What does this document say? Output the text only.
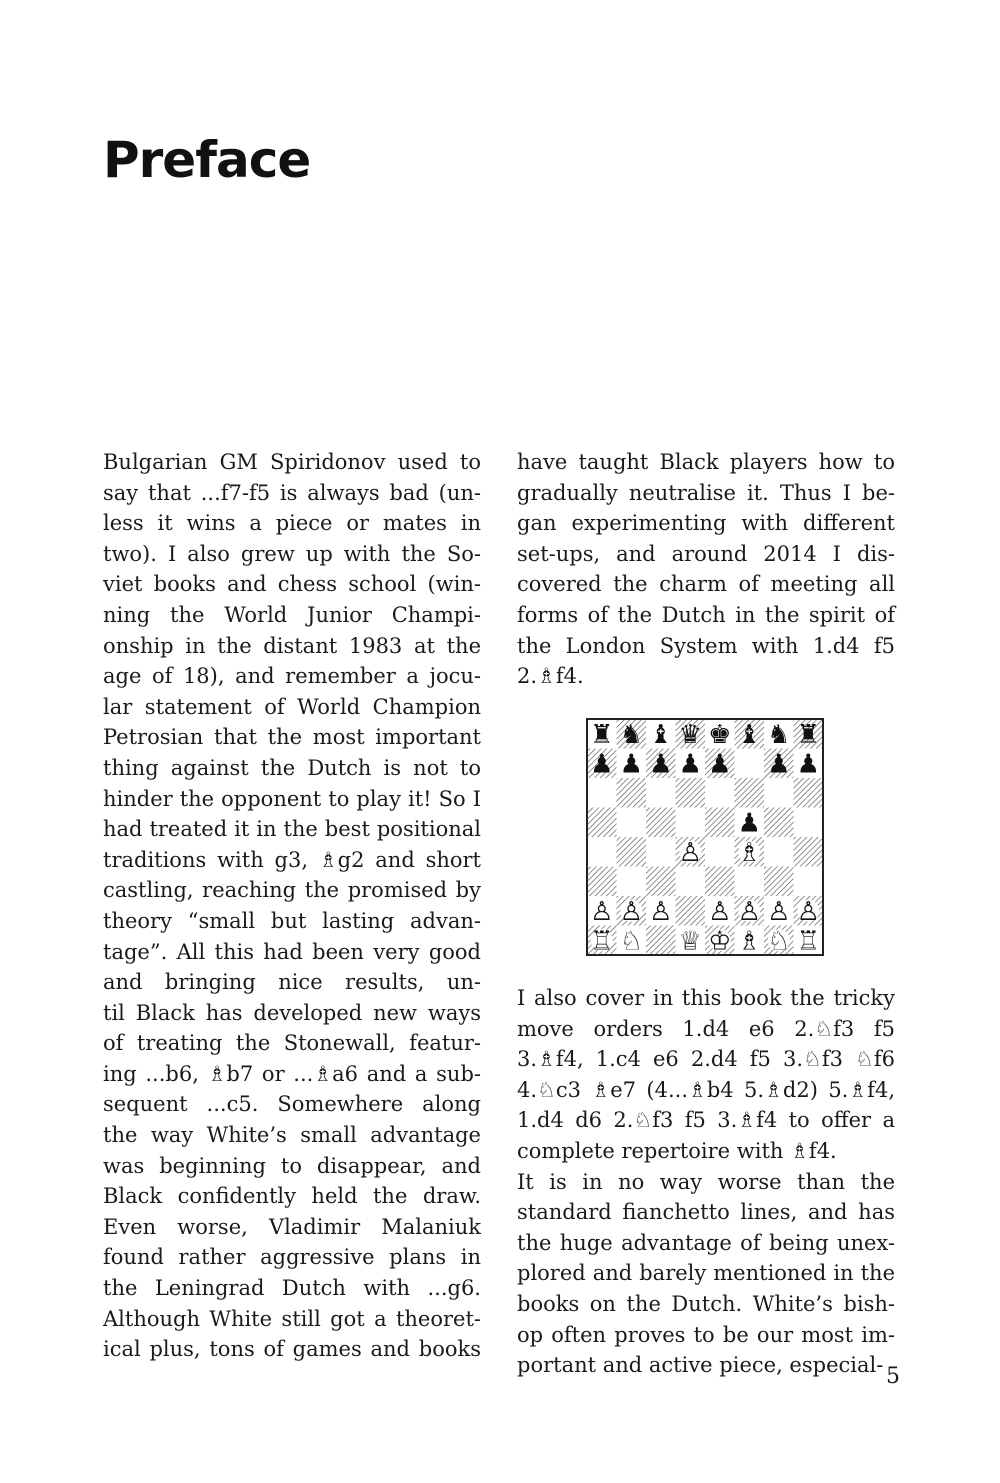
Preface
Bulgarian GM Spiridonov used to
say that ...f7-f5 is always bad (un-
less it wins a piece or mates in
two). I also grew up with the So-
viet books and chess school (win-
ning the World Junior Champi-
onship in the distant 1983 at the
age of 18), and remember a jocu-
lar statement of World Champion
Petrosian that the most important
thing against the Dutch is not to
hinder the opponent to play it! So I
had treated it in the best positional
traditions with g3, ♗g2 and short
castling, reaching the promised by
theory “small but lasting advan-
tage”. All this had been very good
and bringing nice results, un-
til Black has developed new ways
of treating the Stonewall, featur-
ing ...b6, ♗b7 or ...♗a6 and a sub-
sequent ...c5. Somewhere along
the way White’s small advantage
was beginning to disappear, and
Black confidently held the draw.
Even worse, Vladimir Malaniuk
found rather aggressive plans in
the Leningrad Dutch with ...g6.
Although White still got a theoret-
ical plus, tons of games and books
have taught Black players how to
gradually neutralise it. Thus I be-
gan experimenting with different
set-ups, and around 2014 I dis-
covered the charm of meeting all
forms of the Dutch in the spirit of
the London System with 1.d4 f5
2.♗f4.
♜ ♞ ♝ ♛ ♚ ♝ ♞ ♜
♟ ♟ ♟ ♟ ♟ ♟ ♟
♟
♙ ♗
♙ ♙ ♙ ♙ ♙ ♙ ♙
♖ ♘ ♕ ♔ ♗ ♘ ♖
I also cover in this book the tricky
move orders 1.d4 e6 2.♘f3 f5
3.♗f4, 1.c4 e6 2.d4 f5 3.♘f3 ♘f6
4.♘c3 ♗e7 (4...♗b4 5.♗d2) 5.♗f4,
1.d4 d6 2.♘f3 f5 3.♗f4 to offer a
complete repertoire with ♗f4.
It is in no way worse than the
standard fianchetto lines, and has
the huge advantage of being unex-
plored and barely mentioned in the
books on the Dutch. White’s bish-
op often proves to be our most im-
portant and active piece, especial- 5
